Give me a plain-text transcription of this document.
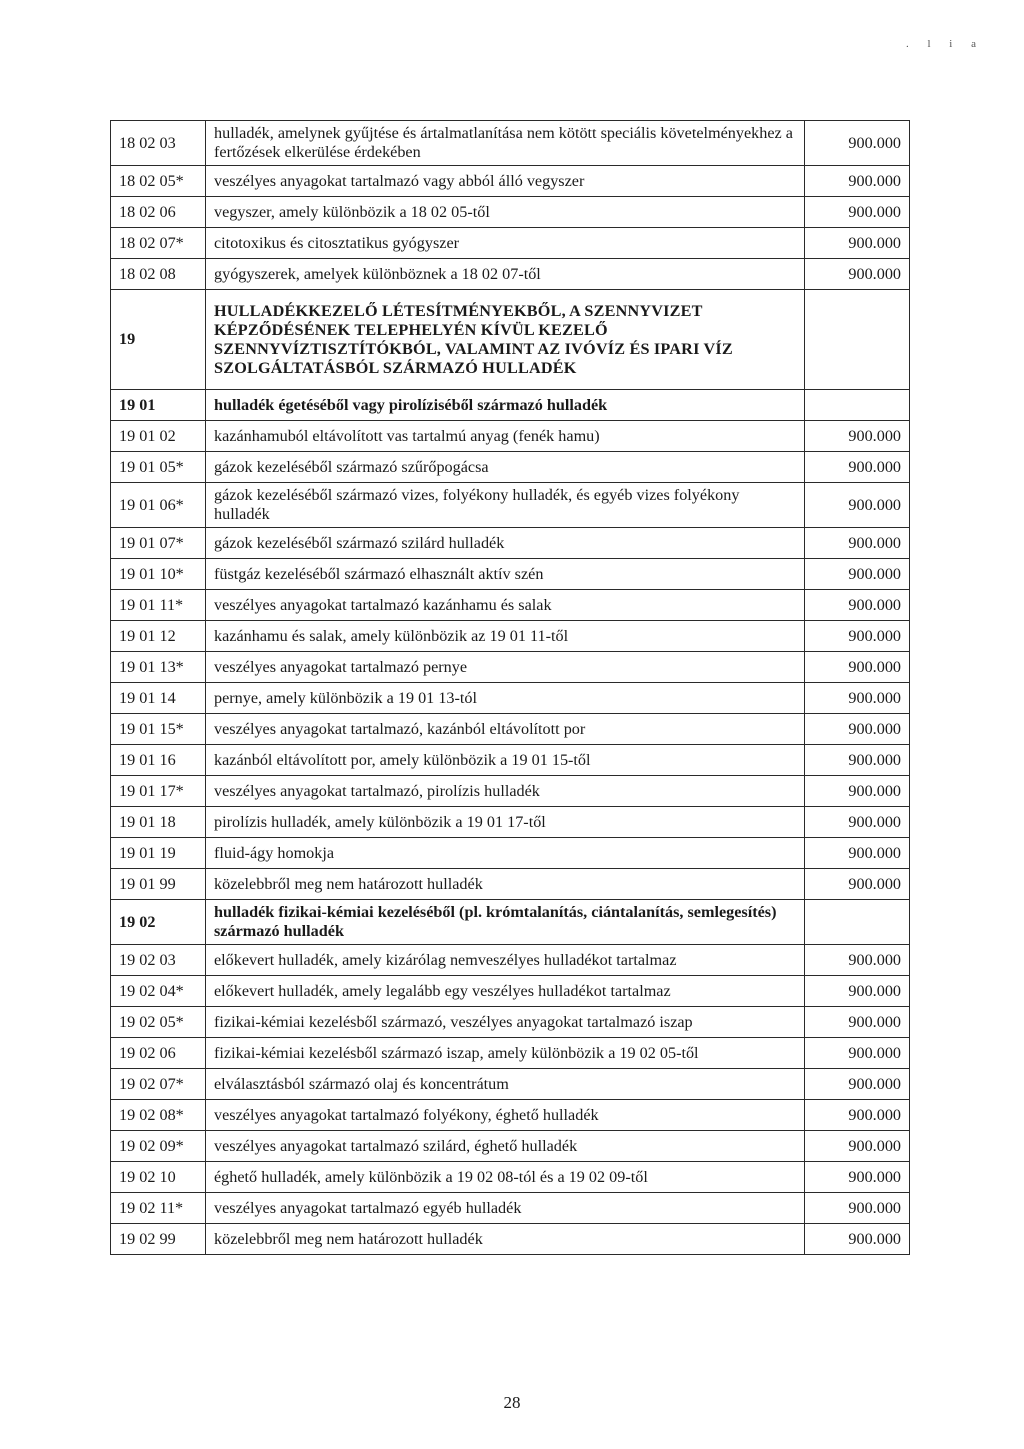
. l i a
18 02 03	hulladék, amelynek gyűjtése és ártalmatlanítása nem kötött speciális követelményekhez a fertőzések elkerülése érdekében	900.000
18 02 05*	veszélyes anyagokat tartalmazó vagy abból álló vegyszer	900.000
18 02 06	vegyszer, amely különbözik a 18 02 05-től	900.000
18 02 07*	citotoxikus és citosztatikus gyógyszer	900.000
18 02 08	gyógyszerek, amelyek különböznek a 18 02 07-től	900.000
19	HULLADÉKKEZELŐ LÉTESÍTMÉNYEKBŐL, A SZENNYVIZET KÉPZŐDÉSÉNEK TELEPHELYÉN KÍVÜL KEZELŐ SZENNYVÍZTISZTÍTÓKBÓL, VALAMINT AZ IVÓVÍZ ÉS IPARI VÍZ SZOLGÁLTATÁSBÓL SZÁRMAZÓ HULLADÉK	
19 01	hulladék égetéséből vagy pirolíziséből származó hulladék	
19 01 02	kazánhamuból eltávolított vas tartalmú anyag (fenék hamu)	900.000
19 01 05*	gázok kezeléséből származó szűrőpogácsa	900.000
19 01 06*	gázok kezeléséből származó vizes, folyékony hulladék, és egyéb vizes folyékony hulladék	900.000
19 01 07*	gázok kezeléséből származó szilárd hulladék	900.000
19 01 10*	füstgáz kezeléséből származó elhasznált aktív szén	900.000
19 01 11*	veszélyes anyagokat tartalmazó kazánhamu és salak	900.000
19 01 12	kazánhamu és salak, amely különbözik az 19 01 11-től	900.000
19 01 13*	veszélyes anyagokat tartalmazó pernye	900.000
19 01 14	pernye, amely különbözik a 19 01 13-tól	900.000
19 01 15*	veszélyes anyagokat tartalmazó, kazánból eltávolított por	900.000
19 01 16	kazánból eltávolított por, amely különbözik a 19 01 15-től	900.000
19 01 17*	veszélyes anyagokat tartalmazó, pirolízis hulladék	900.000
19 01 18	pirolízis hulladék, amely különbözik a 19 01 17-től	900.000
19 01 19	fluid-ágy homokja	900.000
19 01 99	közelebbről meg nem határozott hulladék	900.000
19 02	hulladék fizikai-kémiai kezeléséből (pl. krómtalanítás, ciántalanítás, semlegesítés) származó hulladék	
19 02 03	előkevert hulladék, amely kizárólag nemveszélyes hulladékot tartalmaz	900.000
19 02 04*	előkevert hulladék, amely legalább egy veszélyes hulladékot tartalmaz	900.000
19 02 05*	fizikai-kémiai kezelésből származó, veszélyes anyagokat tartalmazó iszap	900.000
19 02 06	fizikai-kémiai kezelésből származó iszap, amely különbözik a 19 02 05-től	900.000
19 02 07*	elválasztásból származó olaj és koncentrátum	900.000
19 02 08*	veszélyes anyagokat tartalmazó folyékony, éghető hulladék	900.000
19 02 09*	veszélyes anyagokat tartalmazó szilárd, éghető hulladék	900.000
19 02 10	éghető hulladék, amely különbözik a 19 02 08-tól és a 19 02 09-től	900.000
19 02 11*	veszélyes anyagokat tartalmazó egyéb hulladék	900.000
19 02 99	közelebbről meg nem határozott hulladék	900.000
28
